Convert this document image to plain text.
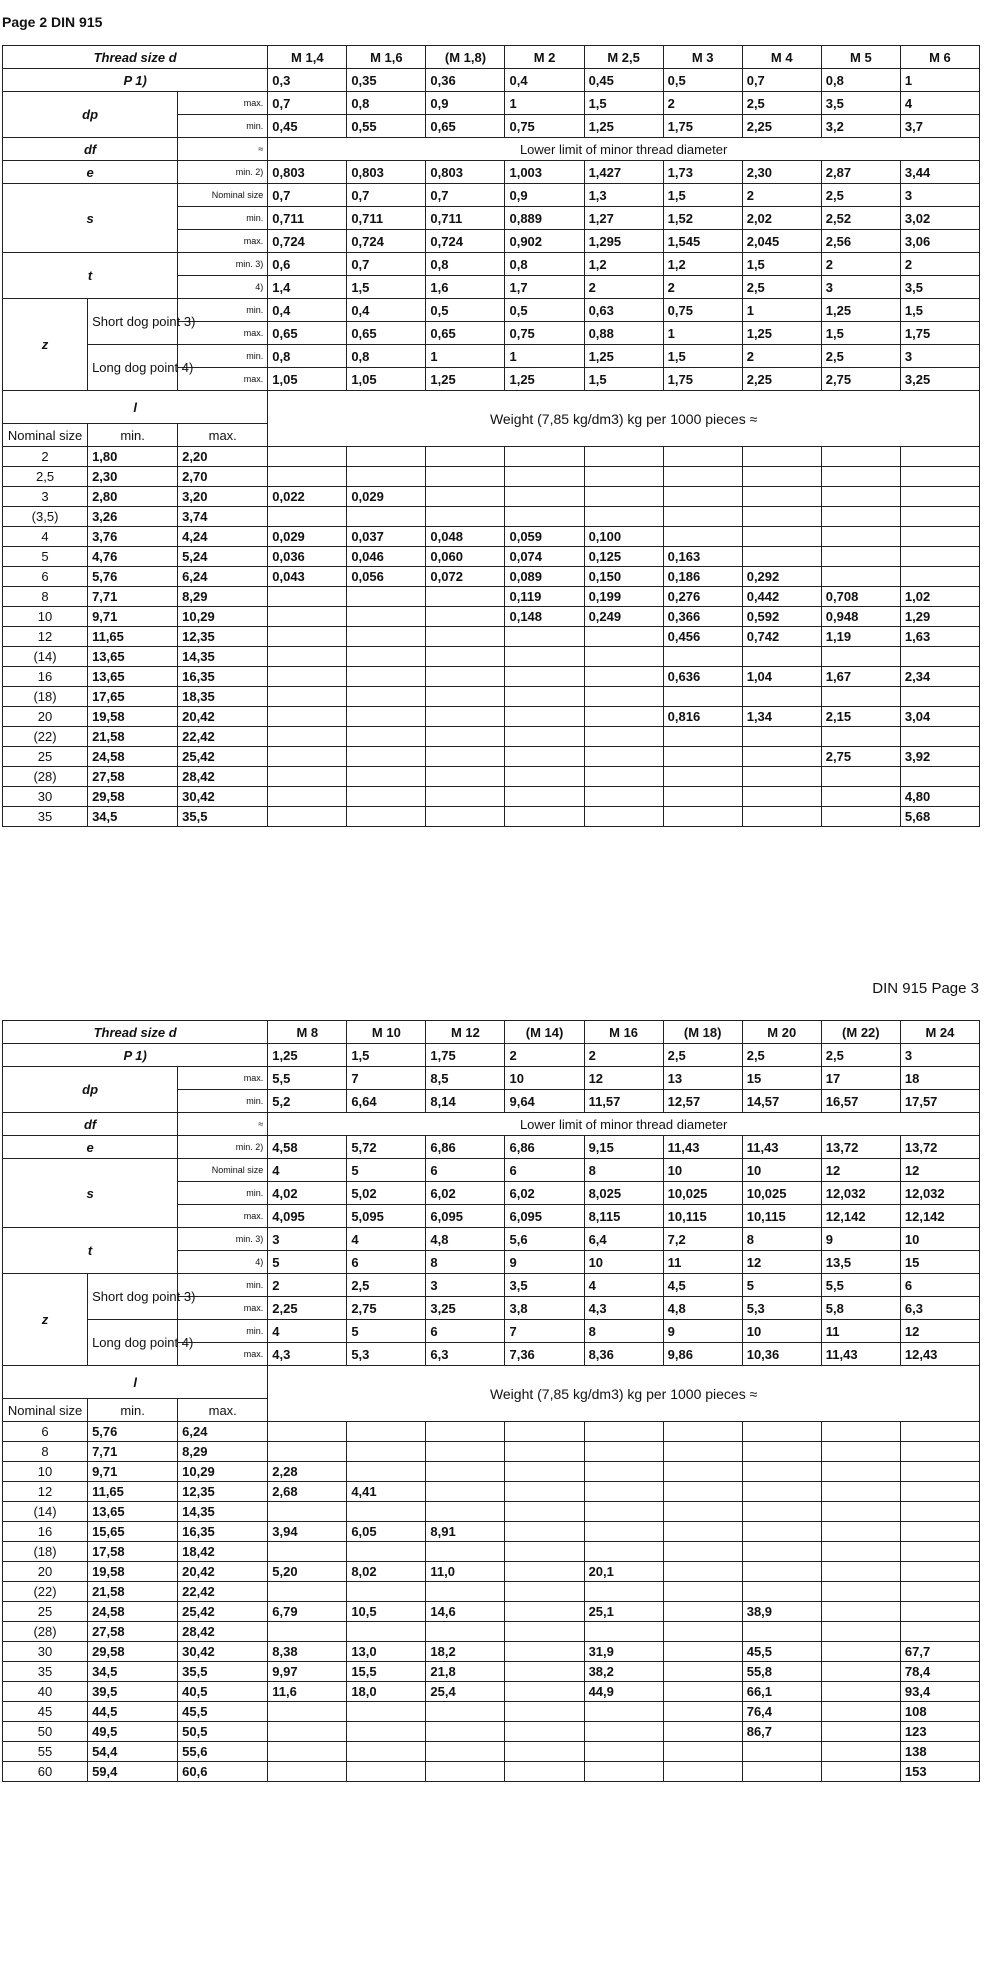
Page 2 DIN 915
Thread size d			M 1,4	M 1,6	(M 1,8)	M 2	M 2,5	M 3	M 4	M 5	M 6
P 1)			0,3	0,35	0,36	0,4	0,45	0,5	0,7	0,8	1
dp		max.	0,7	0,8	0,9	1	1,5	2	2,5	3,5	4
		min.	0,45	0,55	0,65	0,75	1,25	1,75	2,25	3,2	3,7
df		≈	Lower limit of minor thread diameter								
e		min. 2)	0,803	0,803	0,803	1,003	1,427	1,73	2,30	2,87	3,44
s		Nominal size	0,7	0,7	0,7	0,9	1,3	1,5	2	2,5	3
		min.	0,711	0,711	0,711	0,889	1,27	1,52	2,02	2,52	3,02
		max.	0,724	0,724	0,724	0,902	1,295	1,545	2,045	2,56	3,06
t		min. 3)	0,6	0,7	0,8	0,8	1,2	1,2	1,5	2	2
		4)	1,4	1,5	1,6	1,7	2	2	2,5	3	3,5
z	Short dog point 3)	min.	0,4	0,4	0,5	0,5	0,63	0,75	1	1,25	1,5
		max.	0,65	0,65	0,65	0,75	0,88	1	1,25	1,5	1,75
	Long dog point 4)	min.	0,8	0,8	1	1	1,25	1,5	2	2,5	3
		max.	1,05	1,05	1,25	1,25	1,5	1,75	2,25	2,75	3,25
l			Weight (7,85 kg/dm3) kg per 1000 pieces ≈								
Nominal size	min.	max.									
2	1,80	2,20									
2,5	2,30	2,70									
3	2,80	3,20	0,022	0,029							
(3,5)	3,26	3,74									
4	3,76	4,24	0,029	0,037	0,048	0,059	0,100				
5	4,76	5,24	0,036	0,046	0,060	0,074	0,125	0,163			
6	5,76	6,24	0,043	0,056	0,072	0,089	0,150	0,186	0,292		
8	7,71	8,29				0,119	0,199	0,276	0,442	0,708	1,02
10	9,71	10,29				0,148	0,249	0,366	0,592	0,948	1,29
12	11,65	12,35						0,456	0,742	1,19	1,63
(14)	13,65	14,35									
16	13,65	16,35						0,636	1,04	1,67	2,34
(18)	17,65	18,35									
20	19,58	20,42						0,816	1,34	2,15	3,04
(22)	21,58	22,42									
25	24,58	25,42								2,75	3,92
(28)	27,58	28,42									
30	29,58	30,42									4,80
35	34,5	35,5									5,68
DIN 915 Page 3
Thread size d			M 8	M 10	M 12	(M 14)	M 16	(M 18)	M 20	(M 22)	M 24
P 1)			1,25	1,5	1,75	2	2	2,5	2,5	2,5	3
dp		max.	5,5	7	8,5	10	12	13	15	17	18
		min.	5,2	6,64	8,14	9,64	11,57	12,57	14,57	16,57	17,57
df		≈	Lower limit of minor thread diameter								
e		min. 2)	4,58	5,72	6,86	6,86	9,15	11,43	11,43	13,72	13,72
s		Nominal size	4	5	6	6	8	10	10	12	12
		min.	4,02	5,02	6,02	6,02	8,025	10,025	10,025	12,032	12,032
		max.	4,095	5,095	6,095	6,095	8,115	10,115	10,115	12,142	12,142
t		min. 3)	3	4	4,8	5,6	6,4	7,2	8	9	10
		4)	5	6	8	9	10	11	12	13,5	15
z	Short dog point 3)	min.	2	2,5	3	3,5	4	4,5	5	5,5	6
		max.	2,25	2,75	3,25	3,8	4,3	4,8	5,3	5,8	6,3
	Long dog point 4)	min.	4	5	6	7	8	9	10	11	12
		max.	4,3	5,3	6,3	7,36	8,36	9,86	10,36	11,43	12,43
l			Weight (7,85 kg/dm3) kg per 1000 pieces ≈								
Nominal size	min.	max.									
6	5,76	6,24									
8	7,71	8,29									
10	9,71	10,29	2,28								
12	11,65	12,35	2,68	4,41							
(14)	13,65	14,35									
16	15,65	16,35	3,94	6,05	8,91						
(18)	17,58	18,42									
20	19,58	20,42	5,20	8,02	11,0		20,1				
(22)	21,58	22,42									
25	24,58	25,42	6,79	10,5	14,6		25,1		38,9		
(28)	27,58	28,42									
30	29,58	30,42	8,38	13,0	18,2		31,9		45,5		67,7
35	34,5	35,5	9,97	15,5	21,8		38,2		55,8		78,4
40	39,5	40,5	11,6	18,0	25,4		44,9		66,1		93,4
45	44,5	45,5							76,4		108
50	49,5	50,5							86,7		123
55	54,4	55,6									138
60	59,4	60,6									153
